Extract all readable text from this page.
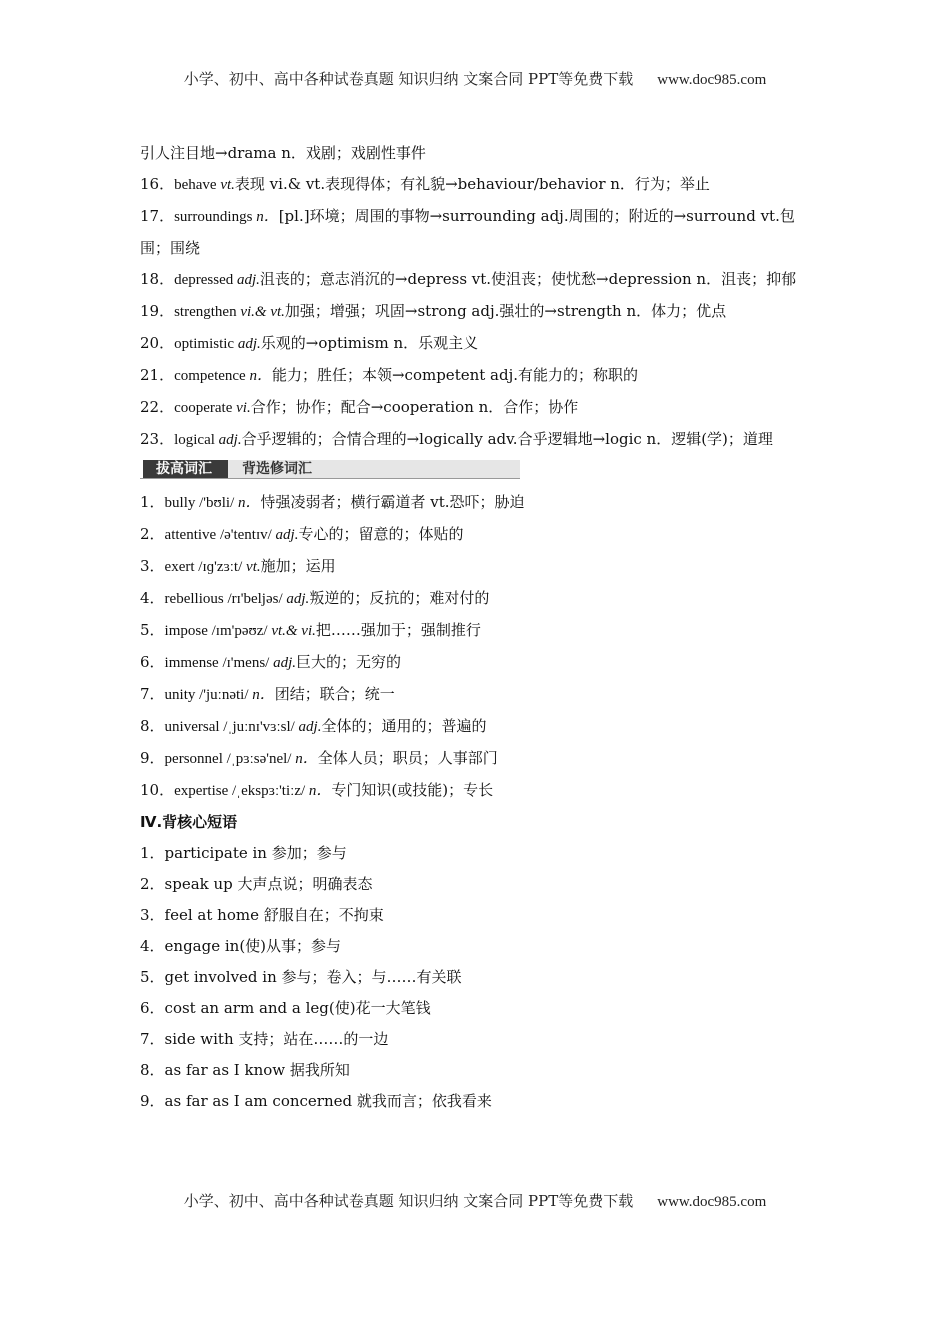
小学、初中、高中各种试卷真题 知识归纳 文案合同 PPT等免费下载 www.doc985.com
引人注目地→drama n．戏剧；戏剧性事件
16．behave vt.表现 vi.& vt.表现得体；有礼貌→behaviour/behavior n．行为；举止
17．surroundings n．[pl.]环境；周围的事物→surrounding adj.周围的；附近的→surround vt.包围；围绕
18．depressed adj.沮丧的；意志消沉的→depress vt.使沮丧；使忧愁→depression n．沮丧；抑郁
19．strengthen vi.& vt.加强；增强；巩固→strong adj.强壮的→strength n．体力；优点
20．optimistic adj.乐观的→optimism n．乐观主义
21．competence n．能力；胜任；本领→competent adj.有能力的；称职的
22．cooperate vi.合作；协作；配合→cooperation n．合作；协作
23．logical adj.合乎逻辑的；合情合理的→logically adv.合乎逻辑地→logic n．逻辑(学)；道理
拔高词汇	背选修词汇
1．bully /'bʊli/ n．恃强凌弱者；横行霸道者 vt.恐吓；胁迫
2．attentive /ə'tentɪv/ adj.专心的；留意的；体贴的
3．exert /ɪɡ'zɜːt/ vt.施加；运用
4．rebellious /rɪ'beljəs/ adj.叛逆的；反抗的；难对付的
5．impose /ɪm'pəʊz/ vt.& vi.把……强加于；强制推行
6．immense /ɪ'mens/ adj.巨大的；无穷的
7．unity /'juːnəti/ n．团结；联合；统一
8．universal /ˌjuːnɪ'vɜːsl/ adj.全体的；通用的；普遍的
9．personnel /ˌpɜːsə'nel/ n．全体人员；职员；人事部门
10．expertise /ˌekspɜː'tiːz/ n．专门知识(或技能)；专长
Ⅳ.背核心短语
1．participate in 参加；参与
2．speak up 大声点说；明确表态
3．feel at home 舒服自在；不拘束
4．engage in(使)从事；参与
5．get involved in 参与；卷入；与……有关联
6．cost an arm and a leg(使)花一大笔钱
7．side with 支持；站在……的一边
8．as far as I know 据我所知
9．as far as I am concerned 就我而言；依我看来
小学、初中、高中各种试卷真题 知识归纳 文案合同 PPT等免费下载 www.doc985.com
